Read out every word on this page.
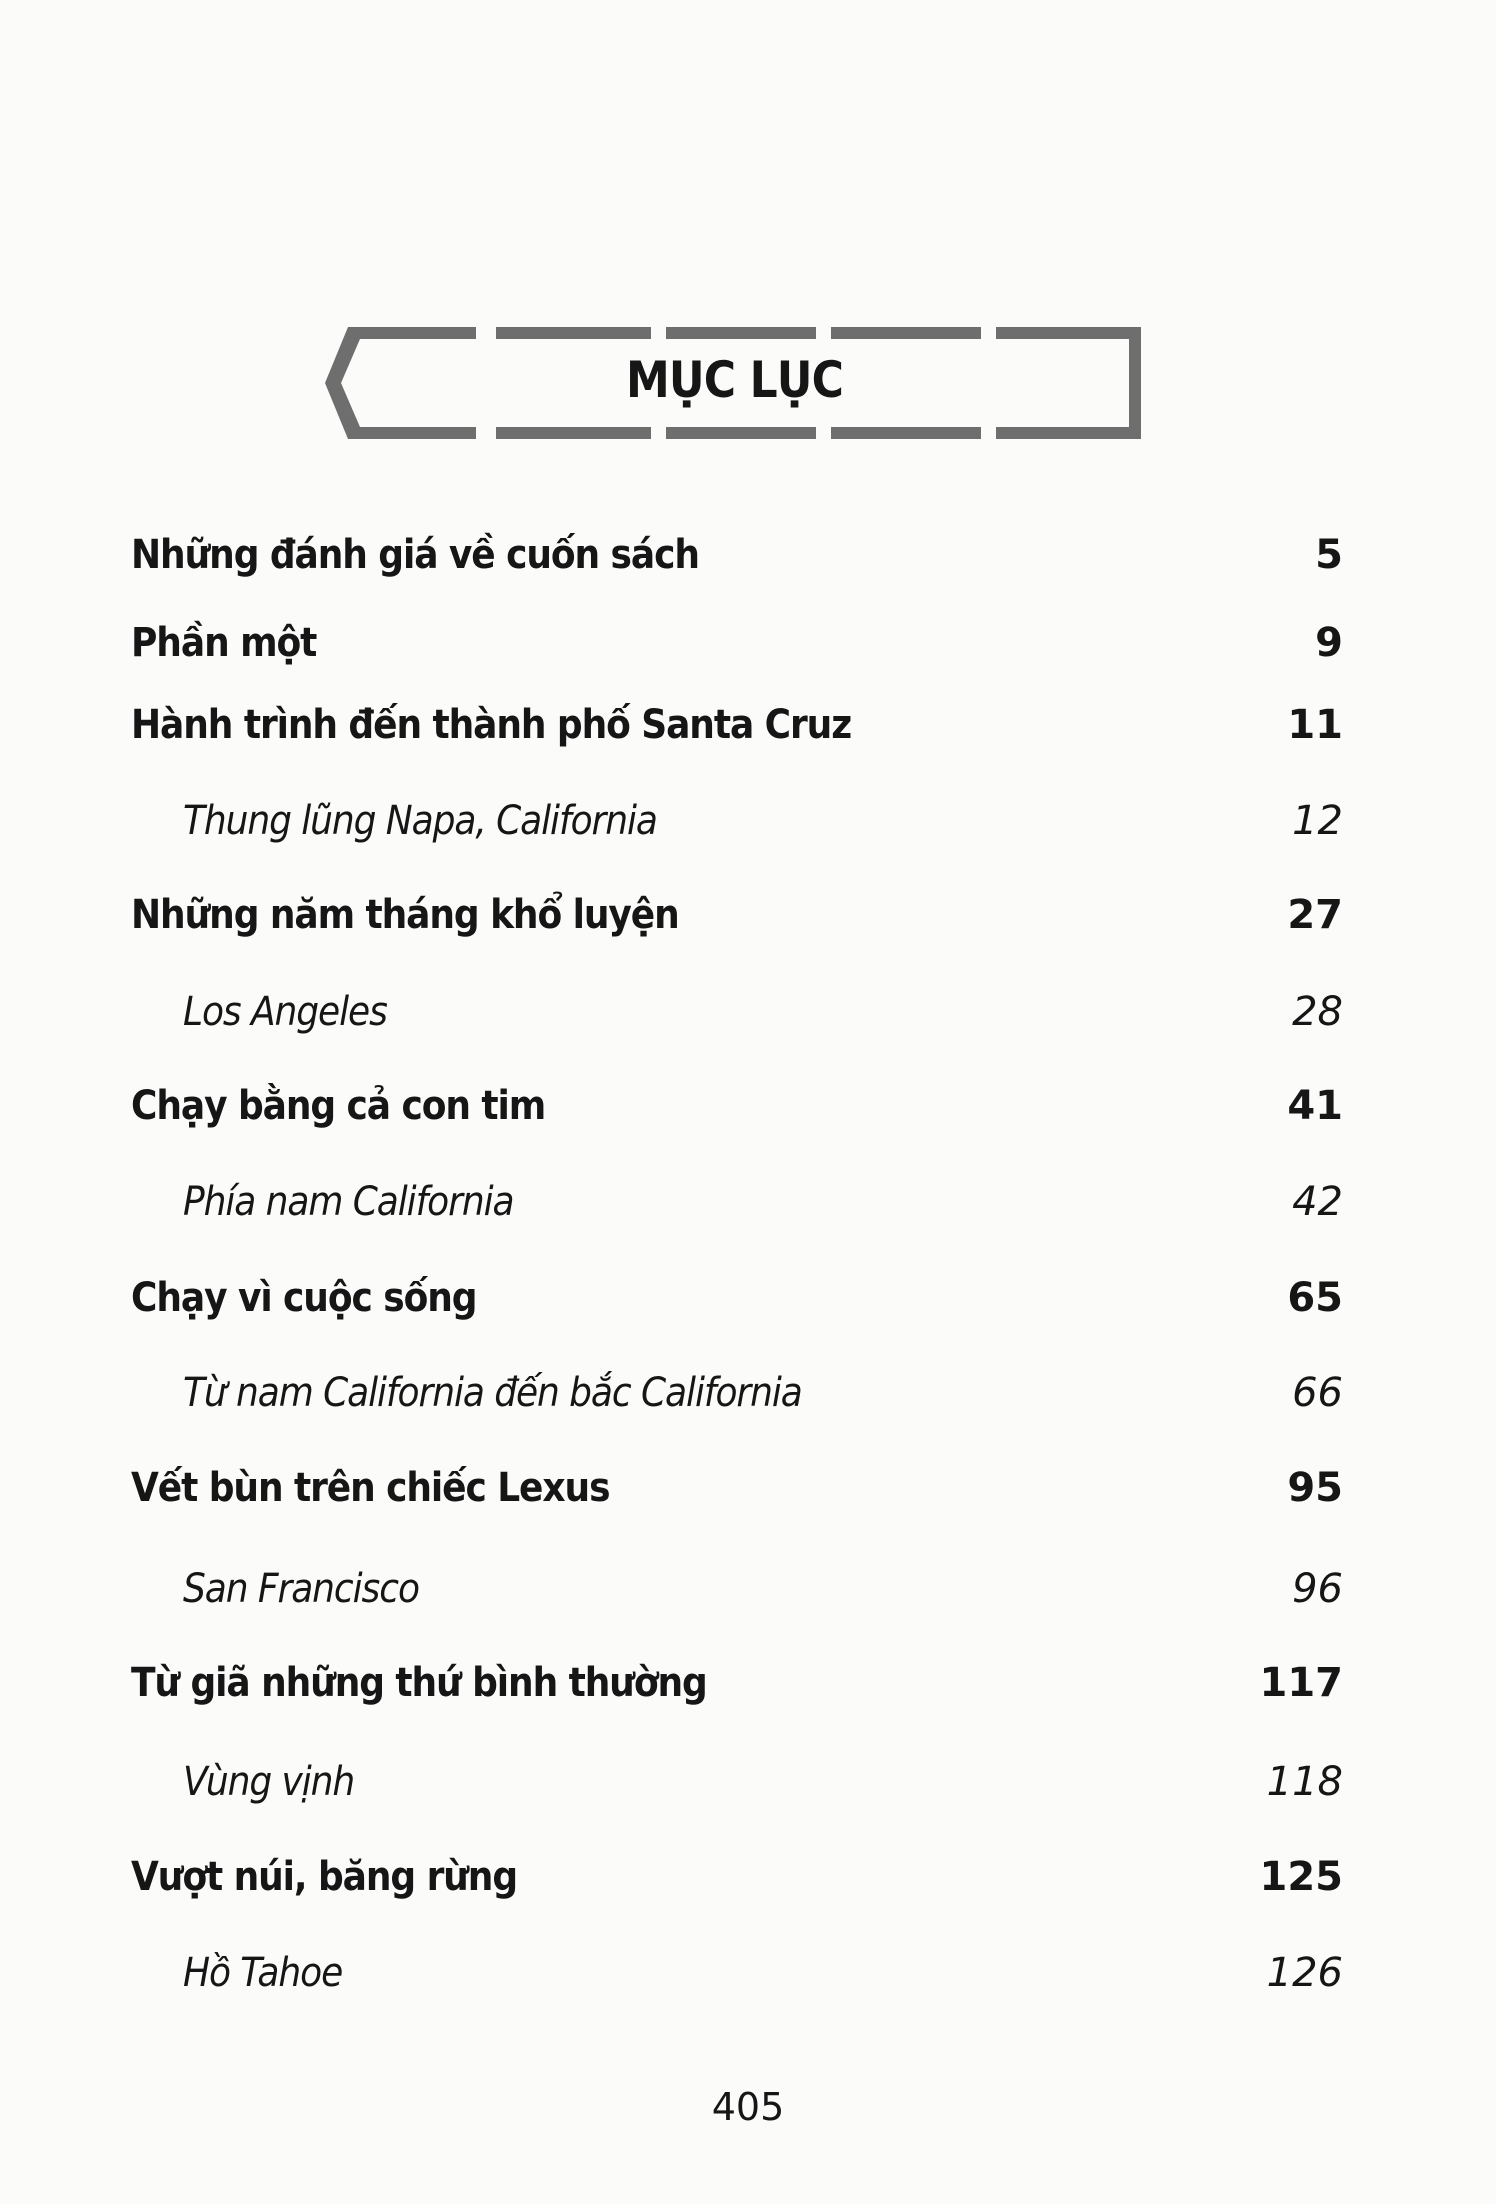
MỤC LỤC
Những đánh giá về cuốn sách	5
Phần một	9
Hành trình đến thành phố Santa Cruz	11
Thung lũng Napa, California	12
Những năm tháng khổ luyện	27
Los Angeles	28
Chạy bằng cả con tim	41
Phía nam California	42
Chạy vì cuộc sống	65
Từ nam California đến bắc California	66
Vết bùn trên chiếc Lexus	95
San Francisco	96
Từ giã những thứ bình thường	117
Vùng vịnh	118
Vượt núi, băng rừng	125
Hồ Tahoe	126
405
